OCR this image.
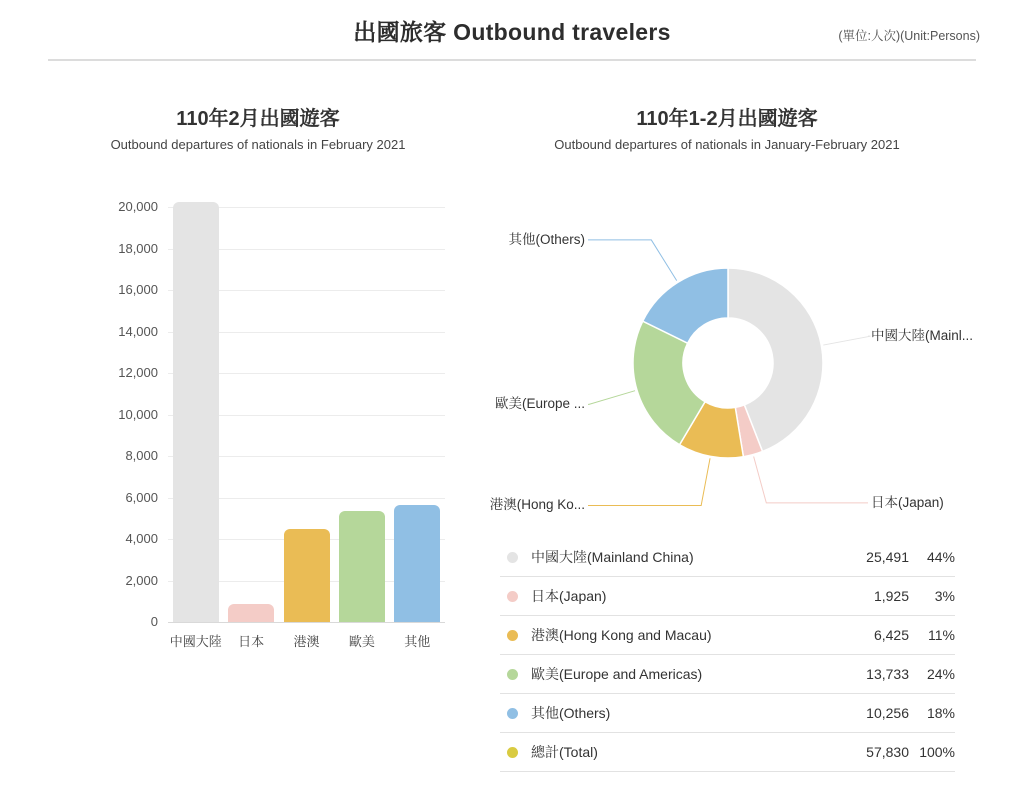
出國旅客 Outbound travelers	(單位:人次)(Unit:Persons)
110年2月出國遊客
Outbound departures of nationals in February 2021
110年1-2月出國遊客
Outbound departures of nationals in January-February 2021
0
2,000
4,000
6,000
8,000
10,000
12,000
14,000
16,000
18,000
20,000
中國大陸	日本	港澳	歐美	其他
中國大陸(Mainl...
日本(Japan)
港澳(Hong Ko...
歐美(Europe ...
其他(Others)
中國大陸(Mainland China)	25,491	44%
日本(Japan)	1,925	3%
港澳(Hong Kong and Macau)	6,425	11%
歐美(Europe and Americas)	13,733	24%
其他(Others)	10,256	18%
總計(Total)	57,830 100%
